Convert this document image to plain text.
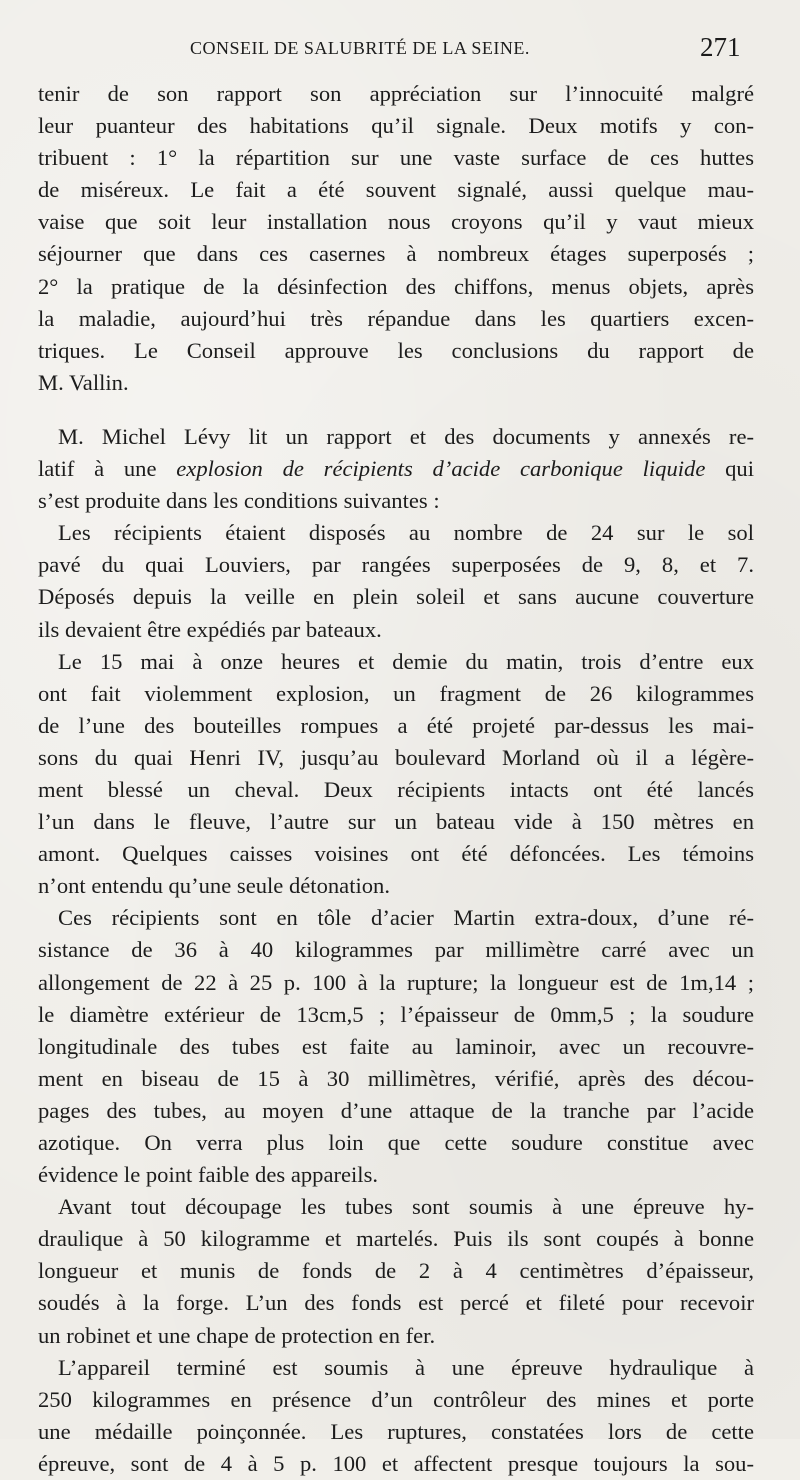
CONSEIL DE SALUBRITÉ DE LA SEINE.	271
tenir de son rapport son appréciation sur l’innocuité malgré
leur puanteur des habitations qu’il signale. Deux motifs y con-
tribuent : 1° la répartition sur une vaste surface de ces huttes
de miséreux. Le fait a été souvent signalé, aussi quelque mau-
vaise que soit leur installation nous croyons qu’il y vaut mieux
séjourner que dans ces casernes à nombreux étages superposés ;
2° la pratique de la désinfection des chiffons, menus objets, après
la maladie, aujourd’hui très répandue dans les quartiers excen-
triques. Le Conseil approuve les conclusions du rapport de
M. Vallin.
M. Michel Lévy lit un rapport et des documents y annexés re-
latif à une explosion de récipients d’acide carbonique liquide qui
s’est produite dans les conditions suivantes :
Les récipients étaient disposés au nombre de 24 sur le sol
pavé du quai Louviers, par rangées superposées de 9, 8, et 7.
Déposés depuis la veille en plein soleil et sans aucune couverture
ils devaient être expédiés par bateaux.
Le 15 mai à onze heures et demie du matin, trois d’entre eux
ont fait violemment explosion, un fragment de 26 kilogrammes
de l’une des bouteilles rompues a été projeté par-dessus les mai-
sons du quai Henri IV, jusqu’au boulevard Morland où il a légère-
ment blessé un cheval. Deux récipients intacts ont été lancés
l’un dans le fleuve, l’autre sur un bateau vide à 150 mètres en
amont. Quelques caisses voisines ont été défoncées. Les témoins
n’ont entendu qu’une seule détonation.
Ces récipients sont en tôle d’acier Martin extra-doux, d’une ré-
sistance de 36 à 40 kilogrammes par millimètre carré avec un
allongement de 22 à 25 p. 100 à la rupture; la longueur est de 1m,14 ;
le diamètre extérieur de 13cm,5 ; l’épaisseur de 0mm,5 ; la soudure
longitudinale des tubes est faite au laminoir, avec un recouvre-
ment en biseau de 15 à 30 millimètres, vérifié, après des décou-
pages des tubes, au moyen d’une attaque de la tranche par l’acide
azotique. On verra plus loin que cette soudure constitue avec
évidence le point faible des appareils.
Avant tout découpage les tubes sont soumis à une épreuve hy-
draulique à 50 kilogramme et martelés. Puis ils sont coupés à bonne
longueur et munis de fonds de 2 à 4 centimètres d’épaisseur,
soudés à la forge. L’un des fonds est percé et fileté pour recevoir
un robinet et une chape de protection en fer.
L’appareil terminé est soumis à une épreuve hydraulique à
250 kilogrammes en présence d’un contrôleur des mines et porte
une médaille poinçonnée. Les ruptures, constatées lors de cette
épreuve, sont de 4 à 5 p. 100 et affectent presque toujours la sou-
